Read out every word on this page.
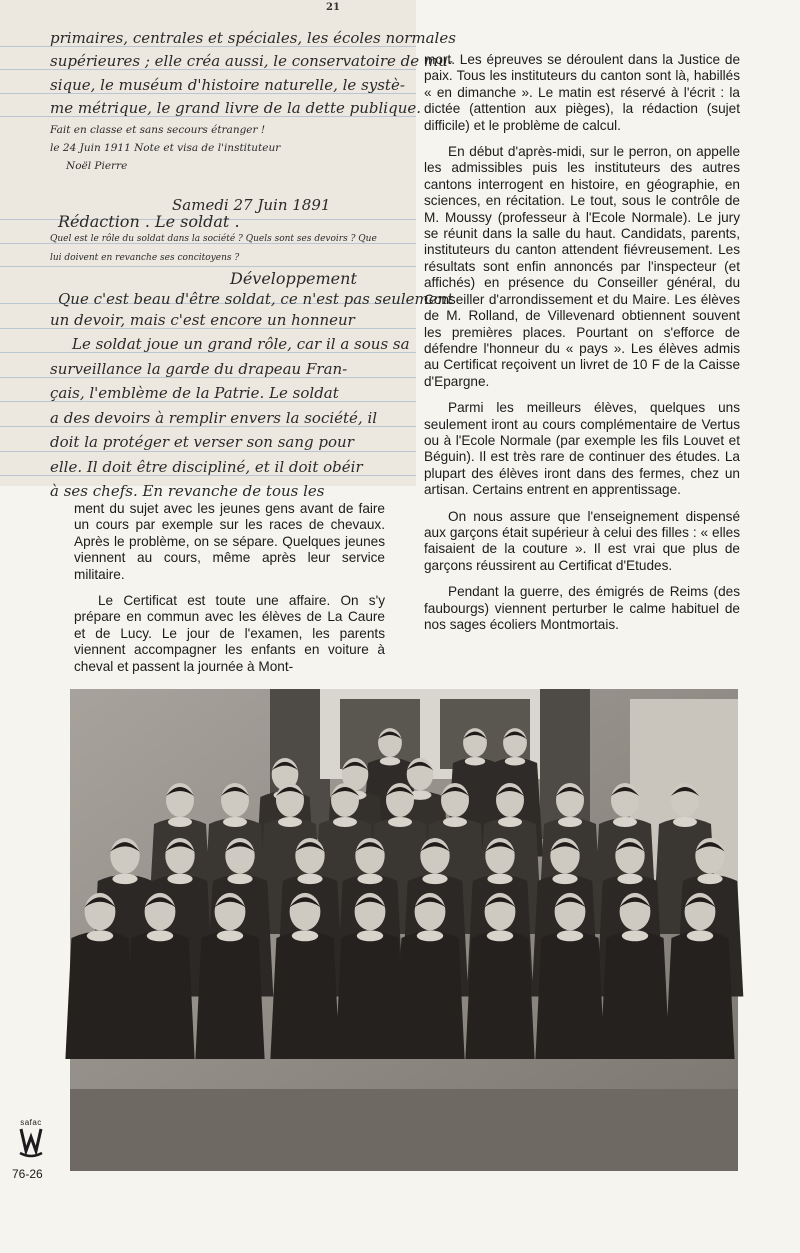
21
primaires, centrales et spéciales, les écoles normales
supérieures ; elle créa aussi, le conservatoire de mu-
sique, le muséum d'histoire naturelle, le systè-
me métrique, le grand livre de la dette publique.
Fait en classe et sans secours étranger !
le 24 Juin 1911 Note et visa de l'instituteur
Noël Pierre
Samedi 27 Juin 1891
Rédaction . Le soldat .
Quel est le rôle du soldat dans la société ? Quels sont ses devoirs ? Que
lui doivent en revanche ses concitoyens ?
Développement
Que c'est beau d'être soldat, ce n'est pas seulement
un devoir, mais c'est encore un honneur
Le soldat joue un grand rôle, car il a sous sa
surveillance la garde du drapeau Fran-
çais, l'emblème de la Patrie. Le soldat
a des devoirs à remplir envers la société, il
doit la protéger et verser son sang pour
elle. Il doit être discipliné, et il doit obéir
à ses chefs. En revanche de tous les

ment du sujet avec les jeunes gens avant de faire un cours par exemple sur les races de chevaux. Après le problème, on se sépare. Quelques jeunes viennent au cours, même après leur service militaire.

Le Certificat est toute une affaire. On s'y prépare en commun avec les élèves de La Caure et de Lucy. Le jour de l'examen, les parents viennent accompagner les enfants en voiture à cheval et passent la journée à Mont-

mort. Les épreuves se déroulent dans la Justice de paix. Tous les instituteurs du canton sont là, habillés « en dimanche ». Le matin est réservé à l'écrit : la dictée (attention aux pièges), la rédaction (sujet difficile) et le problème de calcul.

En début d'après-midi, sur le perron, on appelle les admissibles puis les instituteurs des autres cantons interrogent en histoire, en géographie, en sciences, en récitation. Le tout, sous le contrôle de M. Moussy (professeur à l'Ecole Normale). Le jury se réunit dans la salle du haut. Candidats, parents, instituteurs du canton attendent fiévreusement. Les résultats sont enfin annoncés par l'inspecteur (et affichés) en présence du Conseiller général, du Conseiller d'arrondissement et du Maire. Les élèves de M. Rolland, de Villevenard obtiennent souvent les premières places. Pourtant on s'efforce de défendre l'honneur du « pays ». Les élèves admis au Certificat reçoivent un livret de 10 F de la Caisse d'Epargne.

Parmi les meilleurs élèves, quelques uns seulement iront au cours complémentaire de Vertus ou à l'Ecole Normale (par exemple les fils Louvet et Béguin). Il est très rare de continuer des études. La plupart des élèves iront dans des fermes, chez un artisan. Certains entrent en apprentissage.

On nous assure que l'enseignement dispensé aux garçons était supérieur à celui des filles : « elles faisaient de la couture ». Il est vrai que plus de garçons réussirent au Certificat d'Etudes.

Pendant la guerre, des émigrés de Reims (des faubourgs) viennent perturber le calme habituel de nos sages écoliers Montmortais.

safac
76-26
